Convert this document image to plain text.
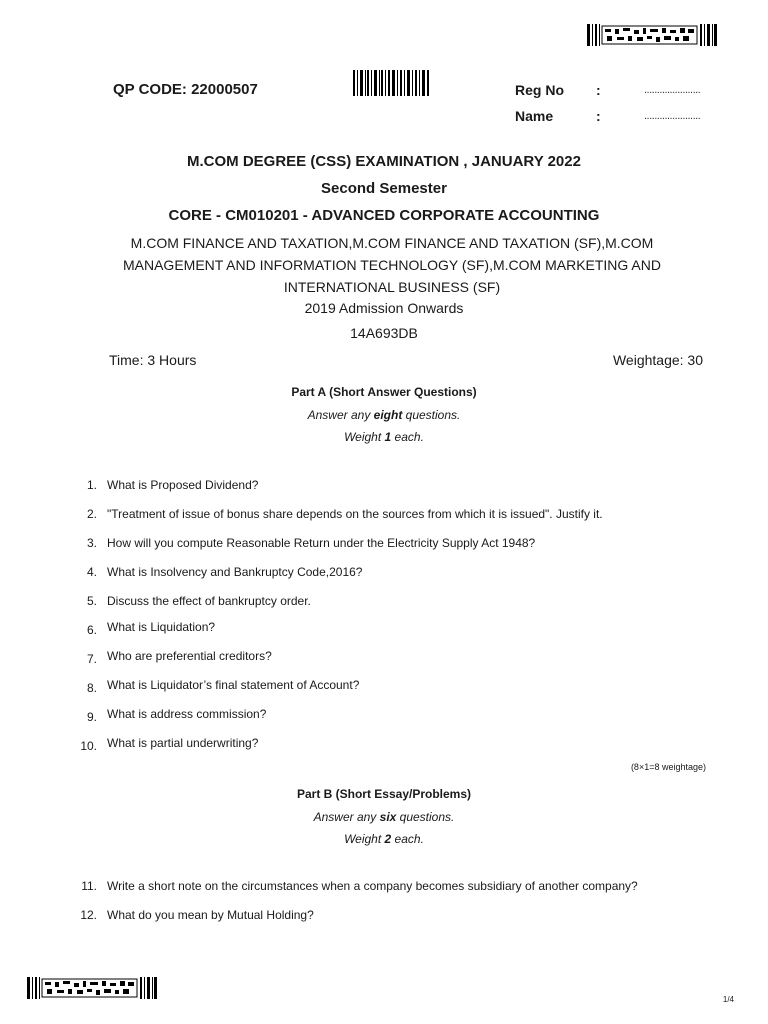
QP CODE: 22000507	Reg No :	......................
Name	:	......................
M.COM DEGREE (CSS) EXAMINATION , JANUARY 2022
Second Semester
CORE - CM010201 - ADVANCED CORPORATE ACCOUNTING
M.COM FINANCE AND TAXATION,M.COM FINANCE AND TAXATION (SF),M.COM MANAGEMENT AND INFORMATION TECHNOLOGY (SF),M.COM MARKETING AND INTERNATIONAL BUSINESS (SF)
2019 Admission Onwards
14A693DB
Time: 3 Hours	Weightage: 30
Part A (Short Answer Questions)
Answer any eight questions.
Weight 1 each.
1. What is Proposed Dividend?
2. "Treatment of issue of bonus share depends on the sources from which it is issued". Justify it.
3. How will you compute Reasonable Return under the Electricity Supply Act 1948?
4. What is Insolvency and Bankruptcy Code,2016?
5. Discuss the effect of bankruptcy order.
6. What is Liquidation?
7. Who are preferential creditors?
8. What is Liquidator’s final statement of Account?
9. What is address commission?
10. What is partial underwriting?
(8×1=8 weightage)
Part B (Short Essay/Problems)
Answer any six questions.
Weight 2 each.
11. Write a short note on the circumstances when a company becomes subsidiary of another company?
12. What do you mean by Mutual Holding?
1/4
